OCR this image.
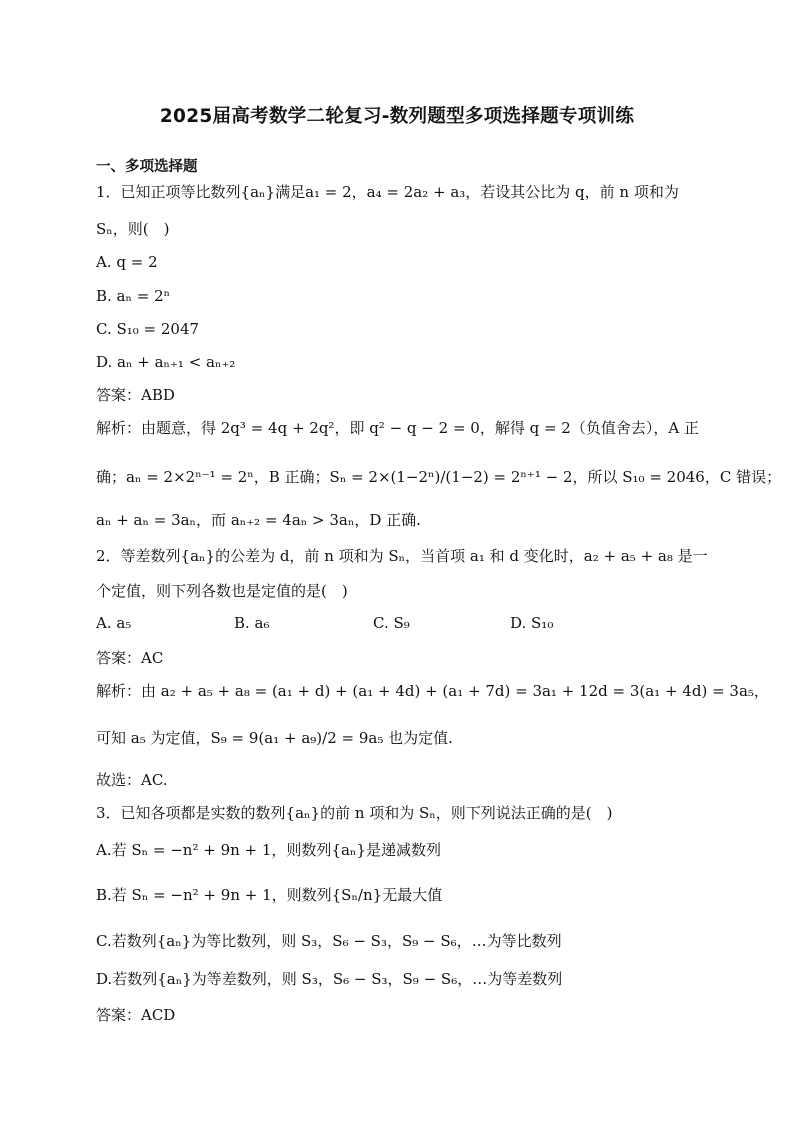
2025届高考数学二轮复习-数列题型多项选择题专项训练
一、多项选择题
1．已知正项等比数列{aₙ}满足a₁ = 2，a₄ = 2a₂ + a₃，若设其公比为 q，前 n 项和为
Sₙ，则(　)
A. q = 2
B. aₙ = 2ⁿ
C. S₁₀ = 2047
D. aₙ + aₙ₊₁ < aₙ₊₂
答案：ABD
解析：由题意，得 2q³ = 4q + 2q²，即 q² − q − 2 = 0，解得 q = 2（负值舍去），A 正
确；aₙ = 2×2ⁿ⁻¹ = 2ⁿ，B 正确；Sₙ = 2×(1−2ⁿ)/(1−2) = 2ⁿ⁺¹ − 2，所以 S₁₀ = 2046，C 错误；
aₙ + aₙ = 3aₙ，而 aₙ₊₂ = 4aₙ > 3aₙ，D 正确.
2．等差数列{aₙ}的公差为 d，前 n 项和为 Sₙ，当首项 a₁ 和 d 变化时，a₂ + a₅ + a₈ 是一
个定值，则下列各数也是定值的是(　)
A. a₅	B. a₆	C. S₉	D. S₁₀
答案：AC
解析：由 a₂ + a₅ + a₈ = (a₁ + d) + (a₁ + 4d) + (a₁ + 7d) = 3a₁ + 12d = 3(a₁ + 4d) = 3a₅，
可知 a₅ 为定值，S₉ = 9(a₁ + a₉)/2 = 9a₅ 也为定值.
故选：AC.
3．已知各项都是实数的数列{aₙ}的前 n 项和为 Sₙ，则下列说法正确的是(　)
A.若 Sₙ = −n² + 9n + 1，则数列{aₙ}是递减数列
B.若 Sₙ = −n² + 9n + 1，则数列{Sₙ/n}无最大值
C.若数列{aₙ}为等比数列，则 S₃，S₆ − S₃，S₉ − S₆，…为等比数列
D.若数列{aₙ}为等差数列，则 S₃，S₆ − S₃，S₉ − S₆，…为等差数列
答案：ACD
